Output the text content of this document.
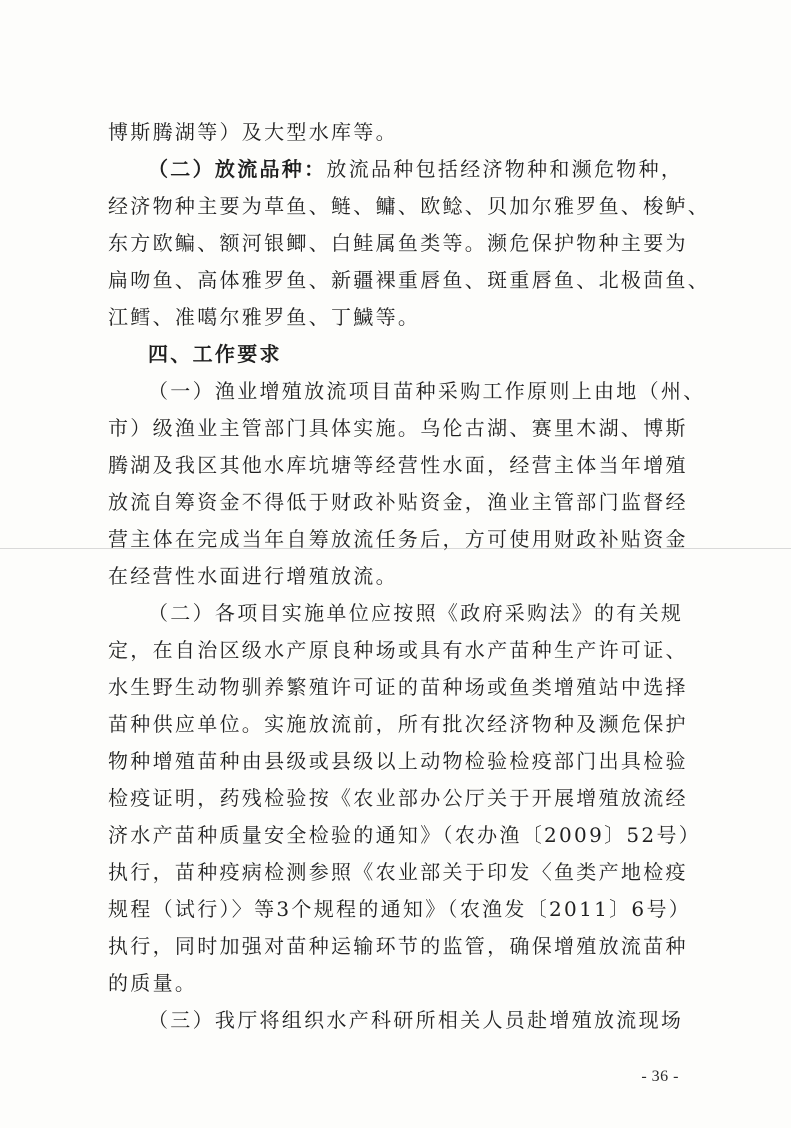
博斯腾湖等）及大型水库等。
（二）放流品种：放流品种包括经济物种和濒危物种，
经济物种主要为草鱼、鲢、鳙、欧鲶、贝加尔雅罗鱼、梭鲈、
东方欧鳊、额河银鲫、白鲑属鱼类等。濒危保护物种主要为
扁吻鱼、高体雅罗鱼、新疆裸重唇鱼、斑重唇鱼、北极茴鱼、
江鳕、准噶尔雅罗鱼、丁鱥等。
四、工作要求
（一）渔业增殖放流项目苗种采购工作原则上由地（州、
市）级渔业主管部门具体实施。乌伦古湖、赛里木湖、博斯
腾湖及我区其他水库坑塘等经营性水面，经营主体当年增殖
放流自筹资金不得低于财政补贴资金，渔业主管部门监督经
营主体在完成当年自筹放流任务后，方可使用财政补贴资金
在经营性水面进行增殖放流。
（二）各项目实施单位应按照《政府采购法》的有关规
定，在自治区级水产原良种场或具有水产苗种生产许可证、
水生野生动物驯养繁殖许可证的苗种场或鱼类增殖站中选择
苗种供应单位。实施放流前，所有批次经济物种及濒危保护
物种增殖苗种由县级或县级以上动物检验检疫部门出具检验
检疫证明，药残检验按《农业部办公厅关于开展增殖放流经
济水产苗种质量安全检验的通知》（农办渔〔2009〕52号）
执行，苗种疫病检测参照《农业部关于印发〈鱼类产地检疫
规程（试行）〉等3个规程的通知》（农渔发〔2011〕6号）
执行，同时加强对苗种运输环节的监管，确保增殖放流苗种
的质量。
（三）我厅将组织水产科研所相关人员赴增殖放流现场
- 36 -
